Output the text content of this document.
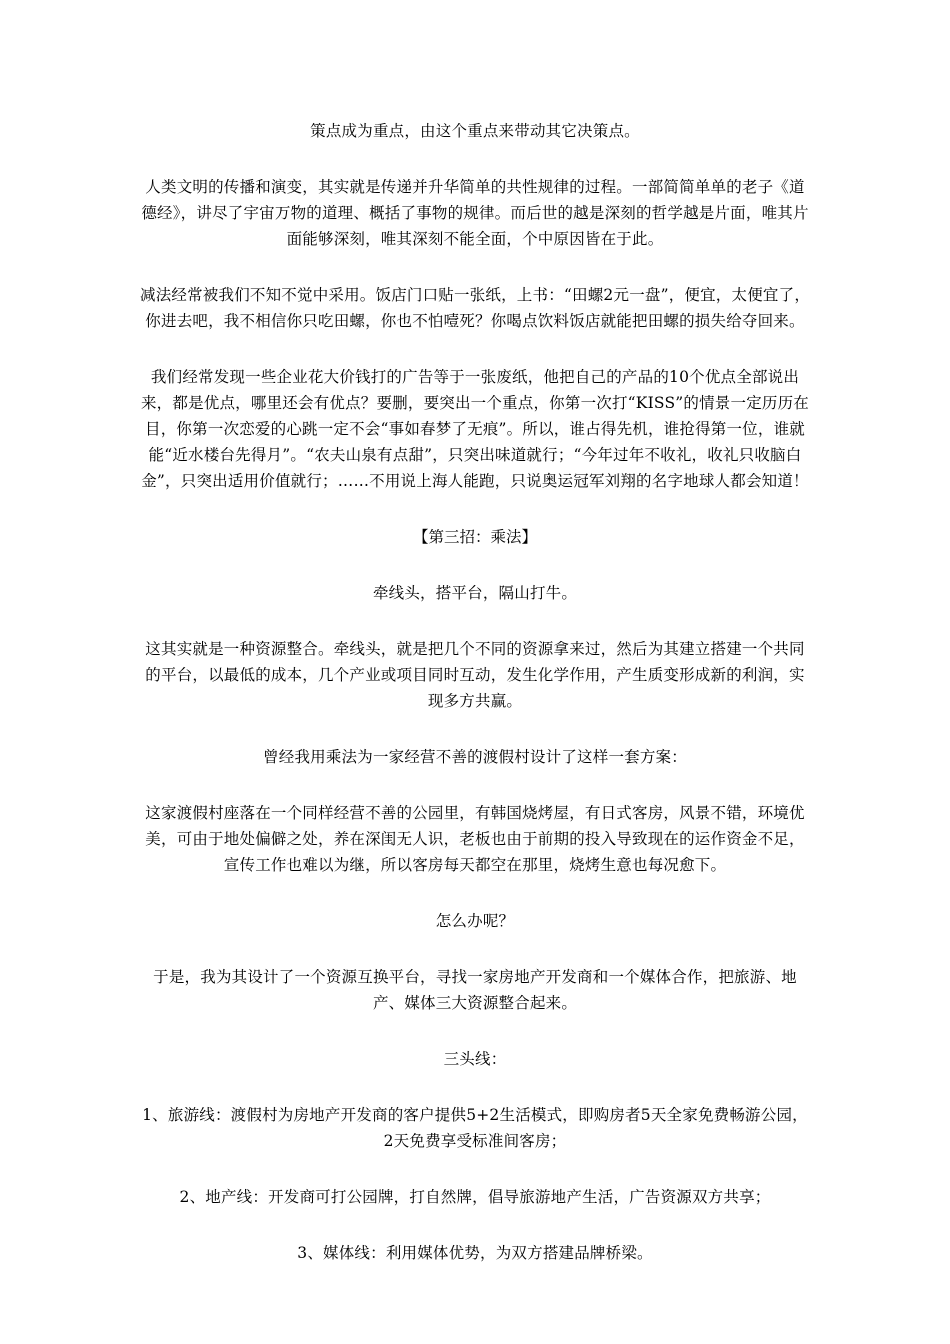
策点成为重点，由这个重点来带动其它决策点。

人类文明的传播和演变，其实就是传递并升华简单的共性规律的过程。一部简简单单的老子《道德经》，讲尽了宇宙万物的道理、概括了事物的规律。而后世的越是深刻的哲学越是片面，唯其片面能够深刻，唯其深刻不能全面，个中原因皆在于此。

减法经常被我们不知不觉中采用。饭店门口贴一张纸，上书：“田螺2元一盘”，便宜，太便宜了，你进去吧，我不相信你只吃田螺，你也不怕噎死？你喝点饮料饭店就能把田螺的损失给夺回来。

我们经常发现一些企业花大价钱打的广告等于一张废纸，他把自己的产品的10个优点全部说出来，都是优点，哪里还会有优点？要删，要突出一个重点，你第一次打“KISS”的情景一定历历在目，你第一次恋爱的心跳一定不会“事如春梦了无痕”。所以，谁占得先机，谁抢得第一位，谁就能“近水楼台先得月”。“农夫山泉有点甜”，只突出味道就行；“今年过年不收礼，收礼只收脑白金”，只突出适用价值就行；……不用说上海人能跑，只说奥运冠军刘翔的名字地球人都会知道！

【第三招：乘法】

牵线头，搭平台，隔山打牛。

这其实就是一种资源整合。牵线头，就是把几个不同的资源拿来过，然后为其建立搭建一个共同的平台，以最低的成本，几个产业或项目同时互动，发生化学作用，产生质变形成新的利润，实现多方共赢。

曾经我用乘法为一家经营不善的渡假村设计了这样一套方案：

这家渡假村座落在一个同样经营不善的公园里，有韩国烧烤屋，有日式客房，风景不错，环境优美，可由于地处偏僻之处，养在深闺无人识，老板也由于前期的投入导致现在的运作资金不足，宣传工作也难以为继，所以客房每天都空在那里，烧烤生意也每况愈下。

怎么办呢？

于是，我为其设计了一个资源互换平台，寻找一家房地产开发商和一个媒体合作，把旅游、地产、媒体三大资源整合起来。

三头线：

1、旅游线：渡假村为房地产开发商的客户提供5+2生活模式，即购房者5天全家免费畅游公园，2天免费享受标准间客房；

2、地产线：开发商可打公园牌，打自然牌，倡导旅游地产生活，广告资源双方共享；

3、媒体线：利用媒体优势，为双方搭建品牌桥梁。
